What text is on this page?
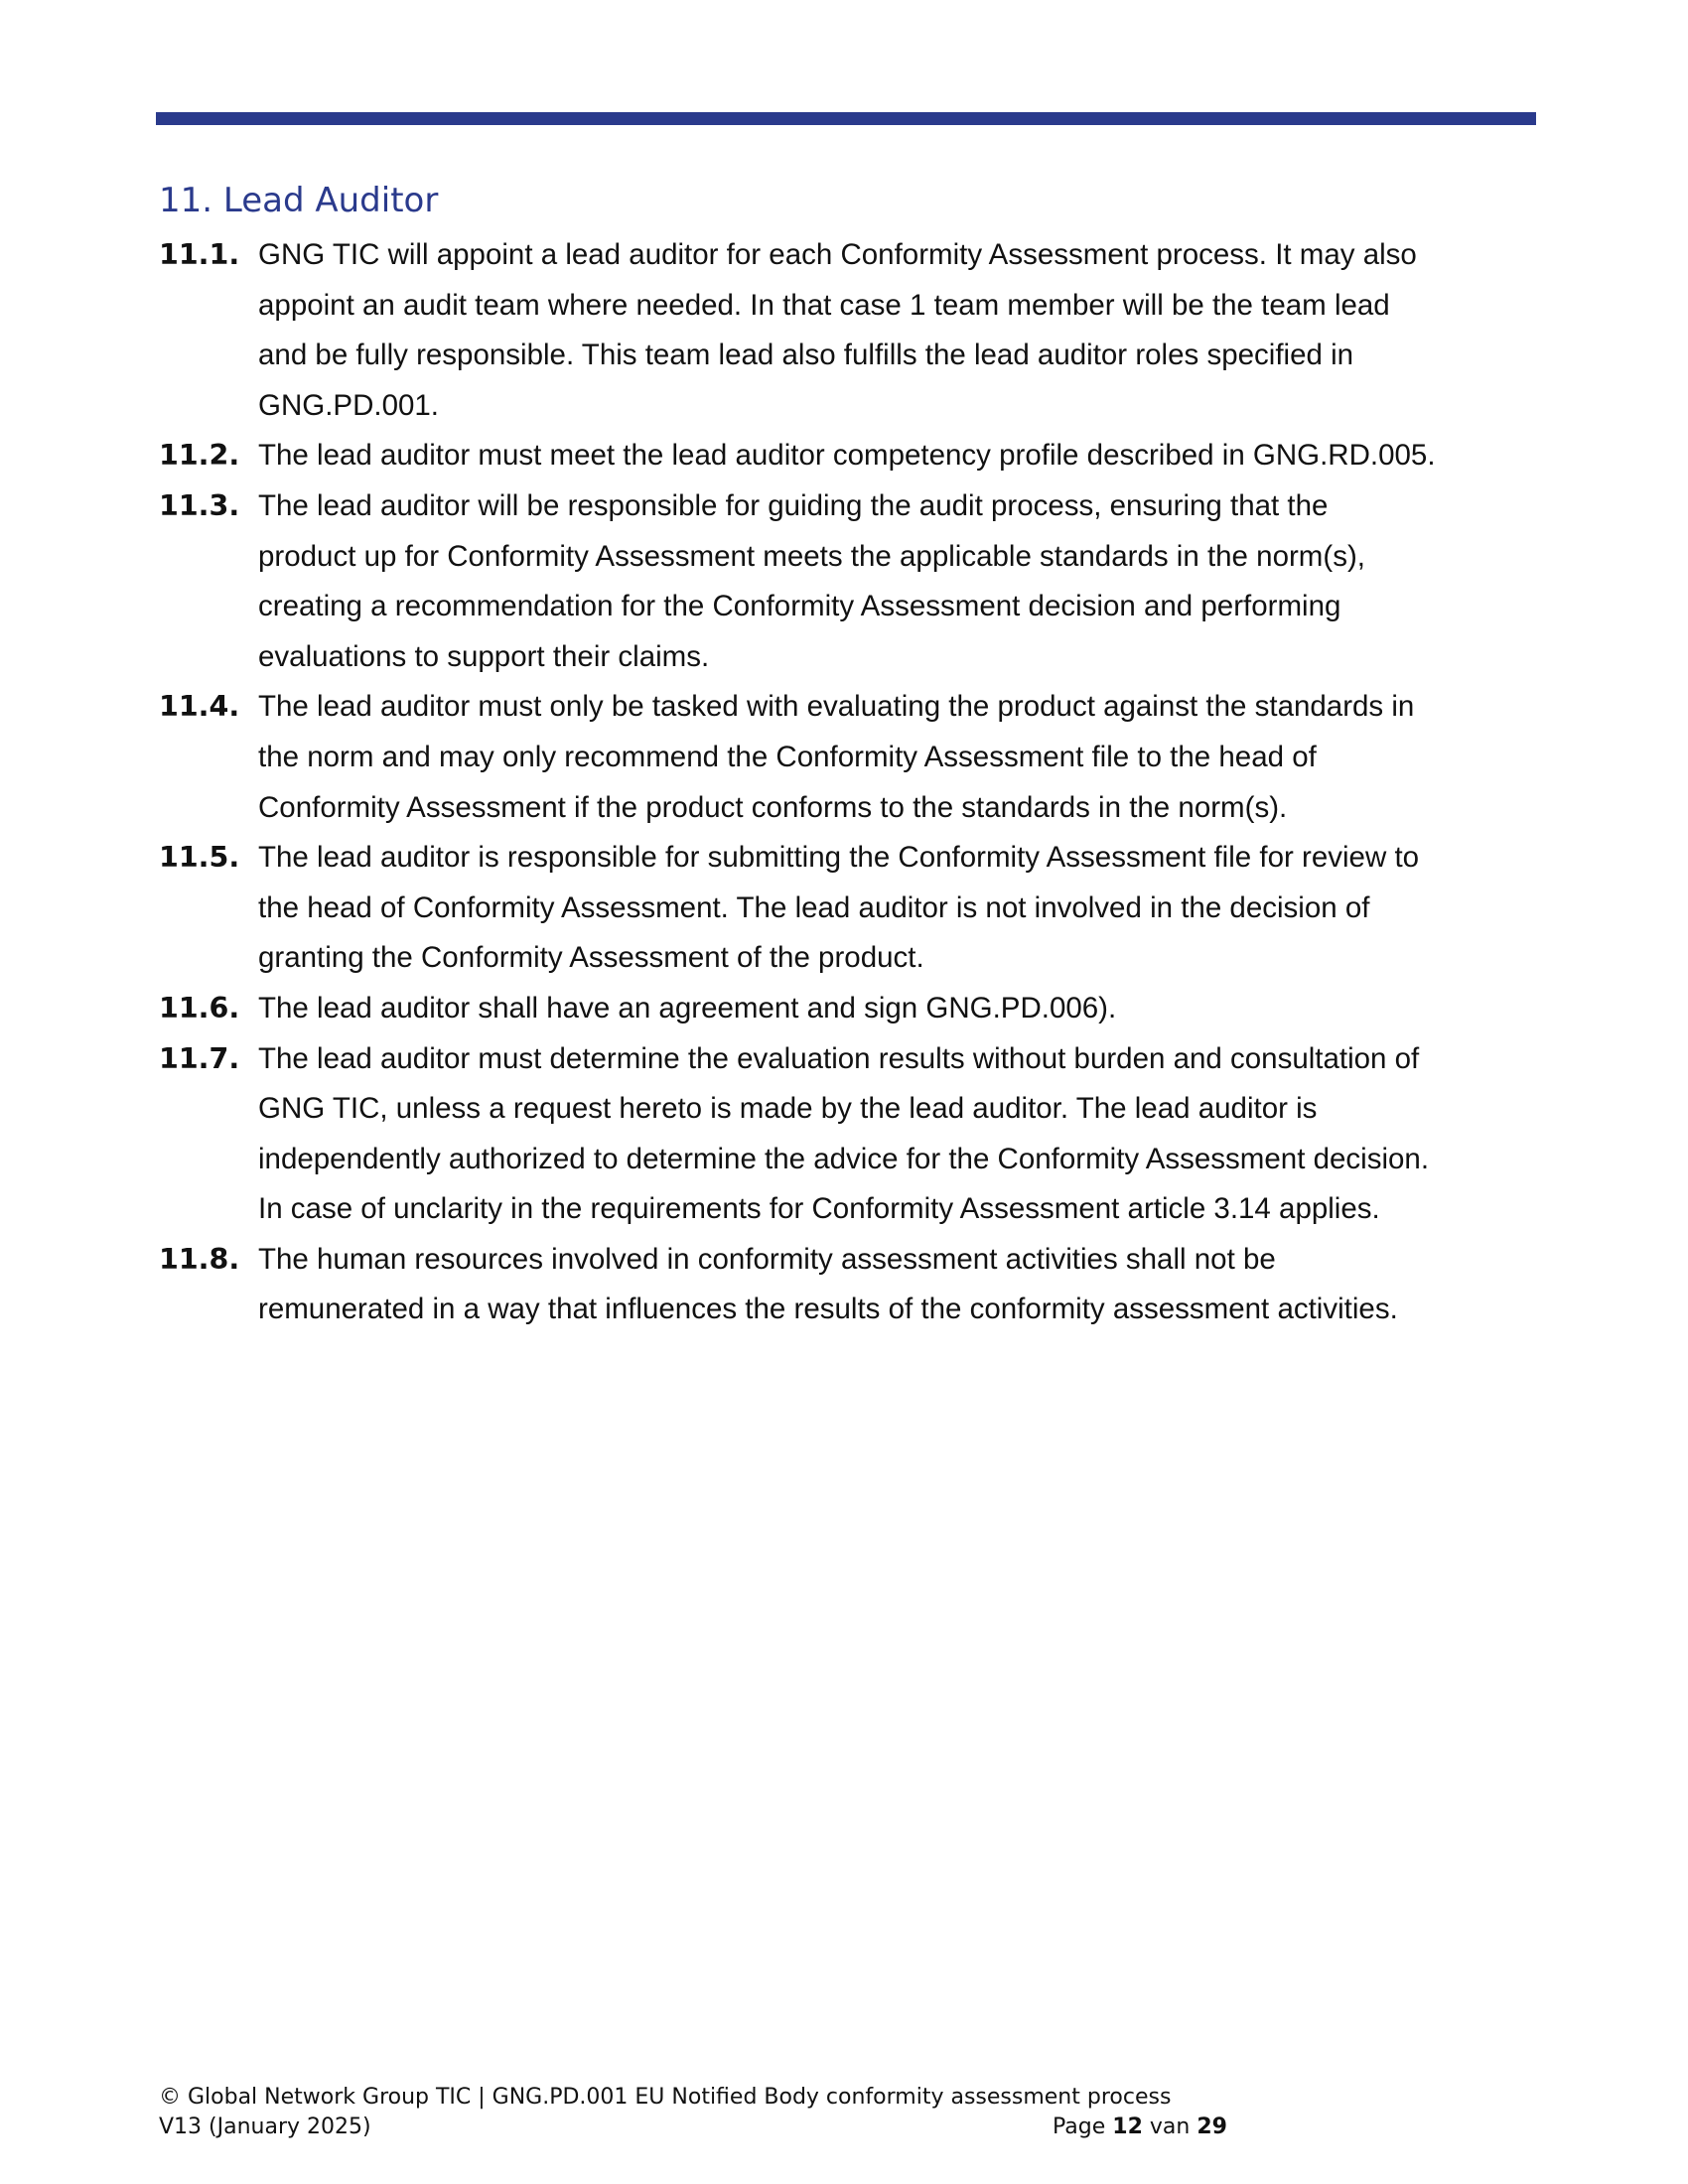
11. Lead Auditor
11.1. GNG TIC will appoint a lead auditor for each Conformity Assessment process. It may also
appoint an audit team where needed. In that case 1 team member will be the team lead
and be fully responsible. This team lead also fulfills the lead auditor roles specified in
GNG.PD.001.
11.2. The lead auditor must meet the lead auditor competency profile described in GNG.RD.005.
11.3. The lead auditor will be responsible for guiding the audit process, ensuring that the
product up for Conformity Assessment meets the applicable standards in the norm(s),
creating a recommendation for the Conformity Assessment decision and performing
evaluations to support their claims.
11.4. The lead auditor must only be tasked with evaluating the product against the standards in
the norm and may only recommend the Conformity Assessment file to the head of
Conformity Assessment if the product conforms to the standards in the norm(s).
11.5. The lead auditor is responsible for submitting the Conformity Assessment file for review to
the head of Conformity Assessment. The lead auditor is not involved in the decision of
granting the Conformity Assessment of the product.
11.6. The lead auditor shall have an agreement and sign GNG.PD.006).
11.7. The lead auditor must determine the evaluation results without burden and consultation of
GNG TIC, unless a request hereto is made by the lead auditor. The lead auditor is
independently authorized to determine the advice for the Conformity Assessment decision.
In case of unclarity in the requirements for Conformity Assessment article 3.14 applies.
11.8. The human resources involved in conformity assessment activities shall not be
remunerated in a way that influences the results of the conformity assessment activities.
© Global Network Group TIC | GNG.PD.001 EU Notified Body conformity assessment process
V13 (January 2025)	Page 12 van 29
